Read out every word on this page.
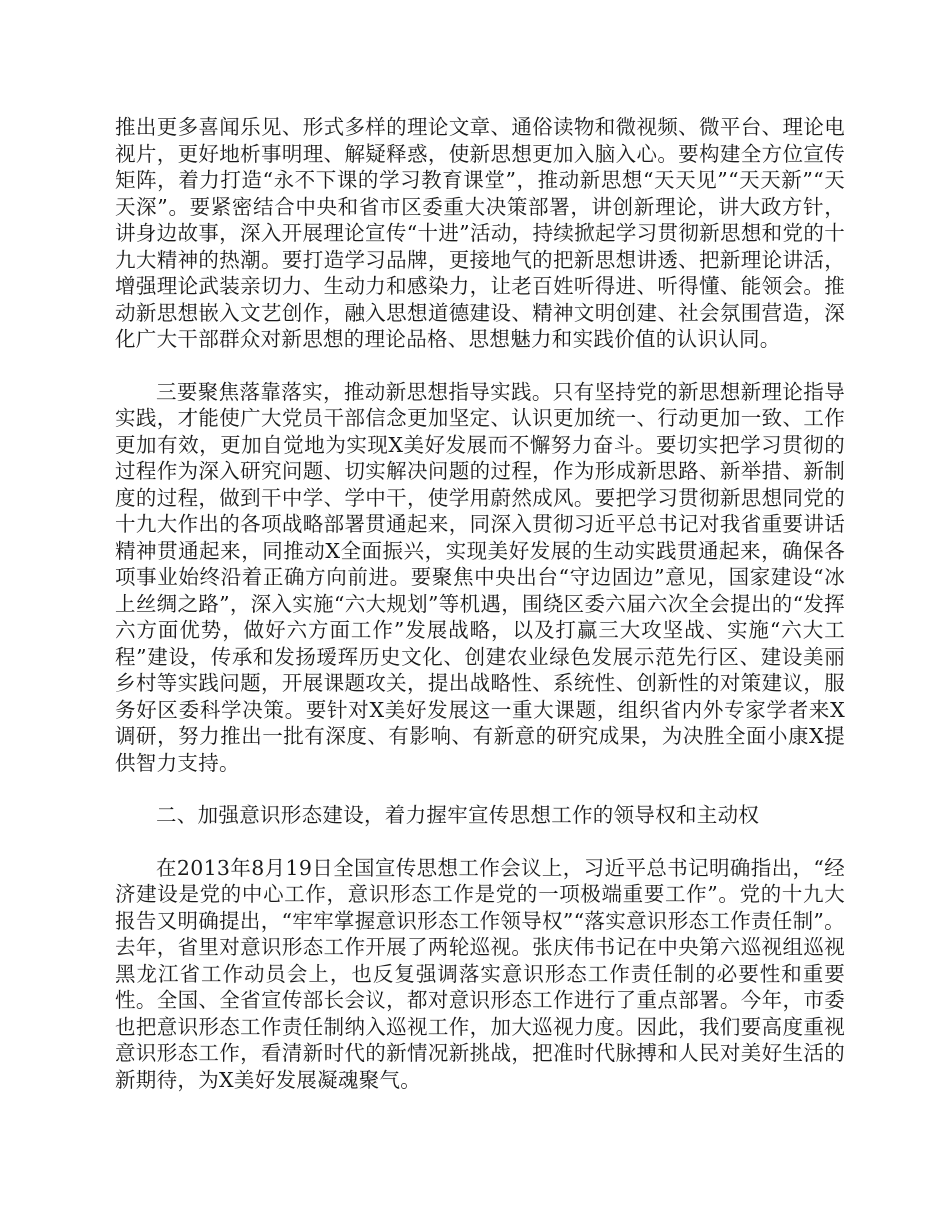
推出更多喜闻乐见、形式多样的理论文章、通俗读物和微视频、微平台、理论电视片，更好地析事明理、解疑释惑，使新思想更加入脑入心。要构建全方位宣传矩阵，着力打造“永不下课的学习教育课堂”，推动新思想“天天见”“天天新”“天天深”。要紧密结合中央和省市区委重大决策部署，讲创新理论，讲大政方针，讲身边故事，深入开展理论宣传“十进”活动，持续掀起学习贯彻新思想和党的十九大精神的热潮。要打造学习品牌，更接地气的把新思想讲透、把新理论讲活，增强理论武装亲切力、生动力和感染力，让老百姓听得进、听得懂、能领会。推动新思想嵌入文艺创作，融入思想道德建设、精神文明创建、社会氛围营造，深化广大干部群众对新思想的理论品格、思想魅力和实践价值的认识认同。

三要聚焦落靠落实，推动新思想指导实践。只有坚持党的新思想新理论指导实践，才能使广大党员干部信念更加坚定、认识更加统一、行动更加一致、工作更加有效，更加自觉地为实现X美好发展而不懈努力奋斗。要切实把学习贯彻的过程作为深入研究问题、切实解决问题的过程，作为形成新思路、新举措、新制度的过程，做到干中学、学中干，使学用蔚然成风。要把学习贯彻新思想同党的十九大作出的各项战略部署贯通起来，同深入贯彻习近平总书记对我省重要讲话精神贯通起来，同推动X全面振兴，实现美好发展的生动实践贯通起来，确保各项事业始终沿着正确方向前进。要聚焦中央出台“守边固边”意见，国家建设“冰上丝绸之路”，深入实施“六大规划”等机遇，围绕区委六届六次全会提出的“发挥六方面优势，做好六方面工作”发展战略，以及打赢三大攻坚战、实施“六大工程”建设，传承和发扬瑷珲历史文化、创建农业绿色发展示范先行区、建设美丽乡村等实践问题，开展课题攻关，提出战略性、系统性、创新性的对策建议，服务好区委科学决策。要针对X美好发展这一重大课题，组织省内外专家学者来X调研，努力推出一批有深度、有影响、有新意的研究成果，为决胜全面小康X提供智力支持。

二、加强意识形态建设，着力握牢宣传思想工作的领导权和主动权

在2013年8月19日全国宣传思想工作会议上，习近平总书记明确指出，“经济建设是党的中心工作，意识形态工作是党的一项极端重要工作”。党的十九大报告又明确提出，“牢牢掌握意识形态工作领导权”“落实意识形态工作责任制”。去年，省里对意识形态工作开展了两轮巡视。张庆伟书记在中央第六巡视组巡视黑龙江省工作动员会上，也反复强调落实意识形态工作责任制的必要性和重要性。全国、全省宣传部长会议，都对意识形态工作进行了重点部署。今年，市委也把意识形态工作责任制纳入巡视工作，加大巡视力度。因此，我们要高度重视意识形态工作，看清新时代的新情况新挑战，把准时代脉搏和人民对美好生活的新期待，为X美好发展凝魂聚气。
